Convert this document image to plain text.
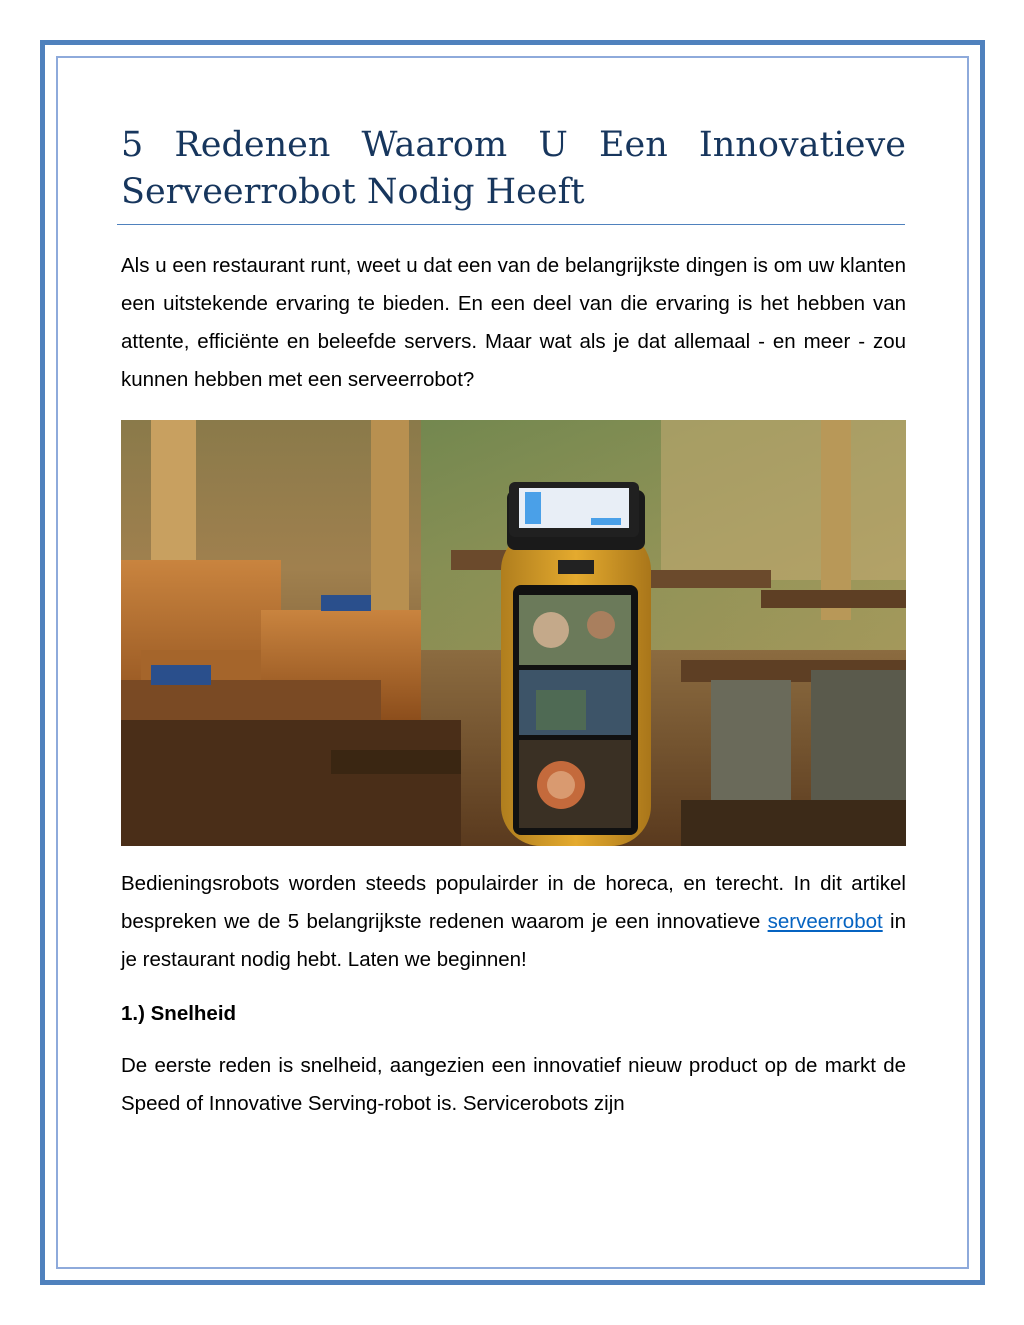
5 Redenen Waarom U Een Innovatieve Serveerrobot Nodig Heeft

Als u een restaurant runt, weet u dat een van de belangrijkste dingen is om uw klanten een uitstekende ervaring te bieden. En een deel van die ervaring is het hebben van attente, efficiënte en beleefde servers. Maar wat als je dat allemaal - en meer - zou kunnen hebben met een serveerrobot?

Bedieningsrobots worden steeds populairder in de horeca, en terecht. In dit artikel bespreken we de 5 belangrijkste redenen waarom je een innovatieve serveerrobot in je restaurant nodig hebt. Laten we beginnen!

1.) Snelheid

De eerste reden is snelheid, aangezien een innovatief nieuw product op de markt de Speed of Innovative Serving-robot is. Servicerobots zijn
